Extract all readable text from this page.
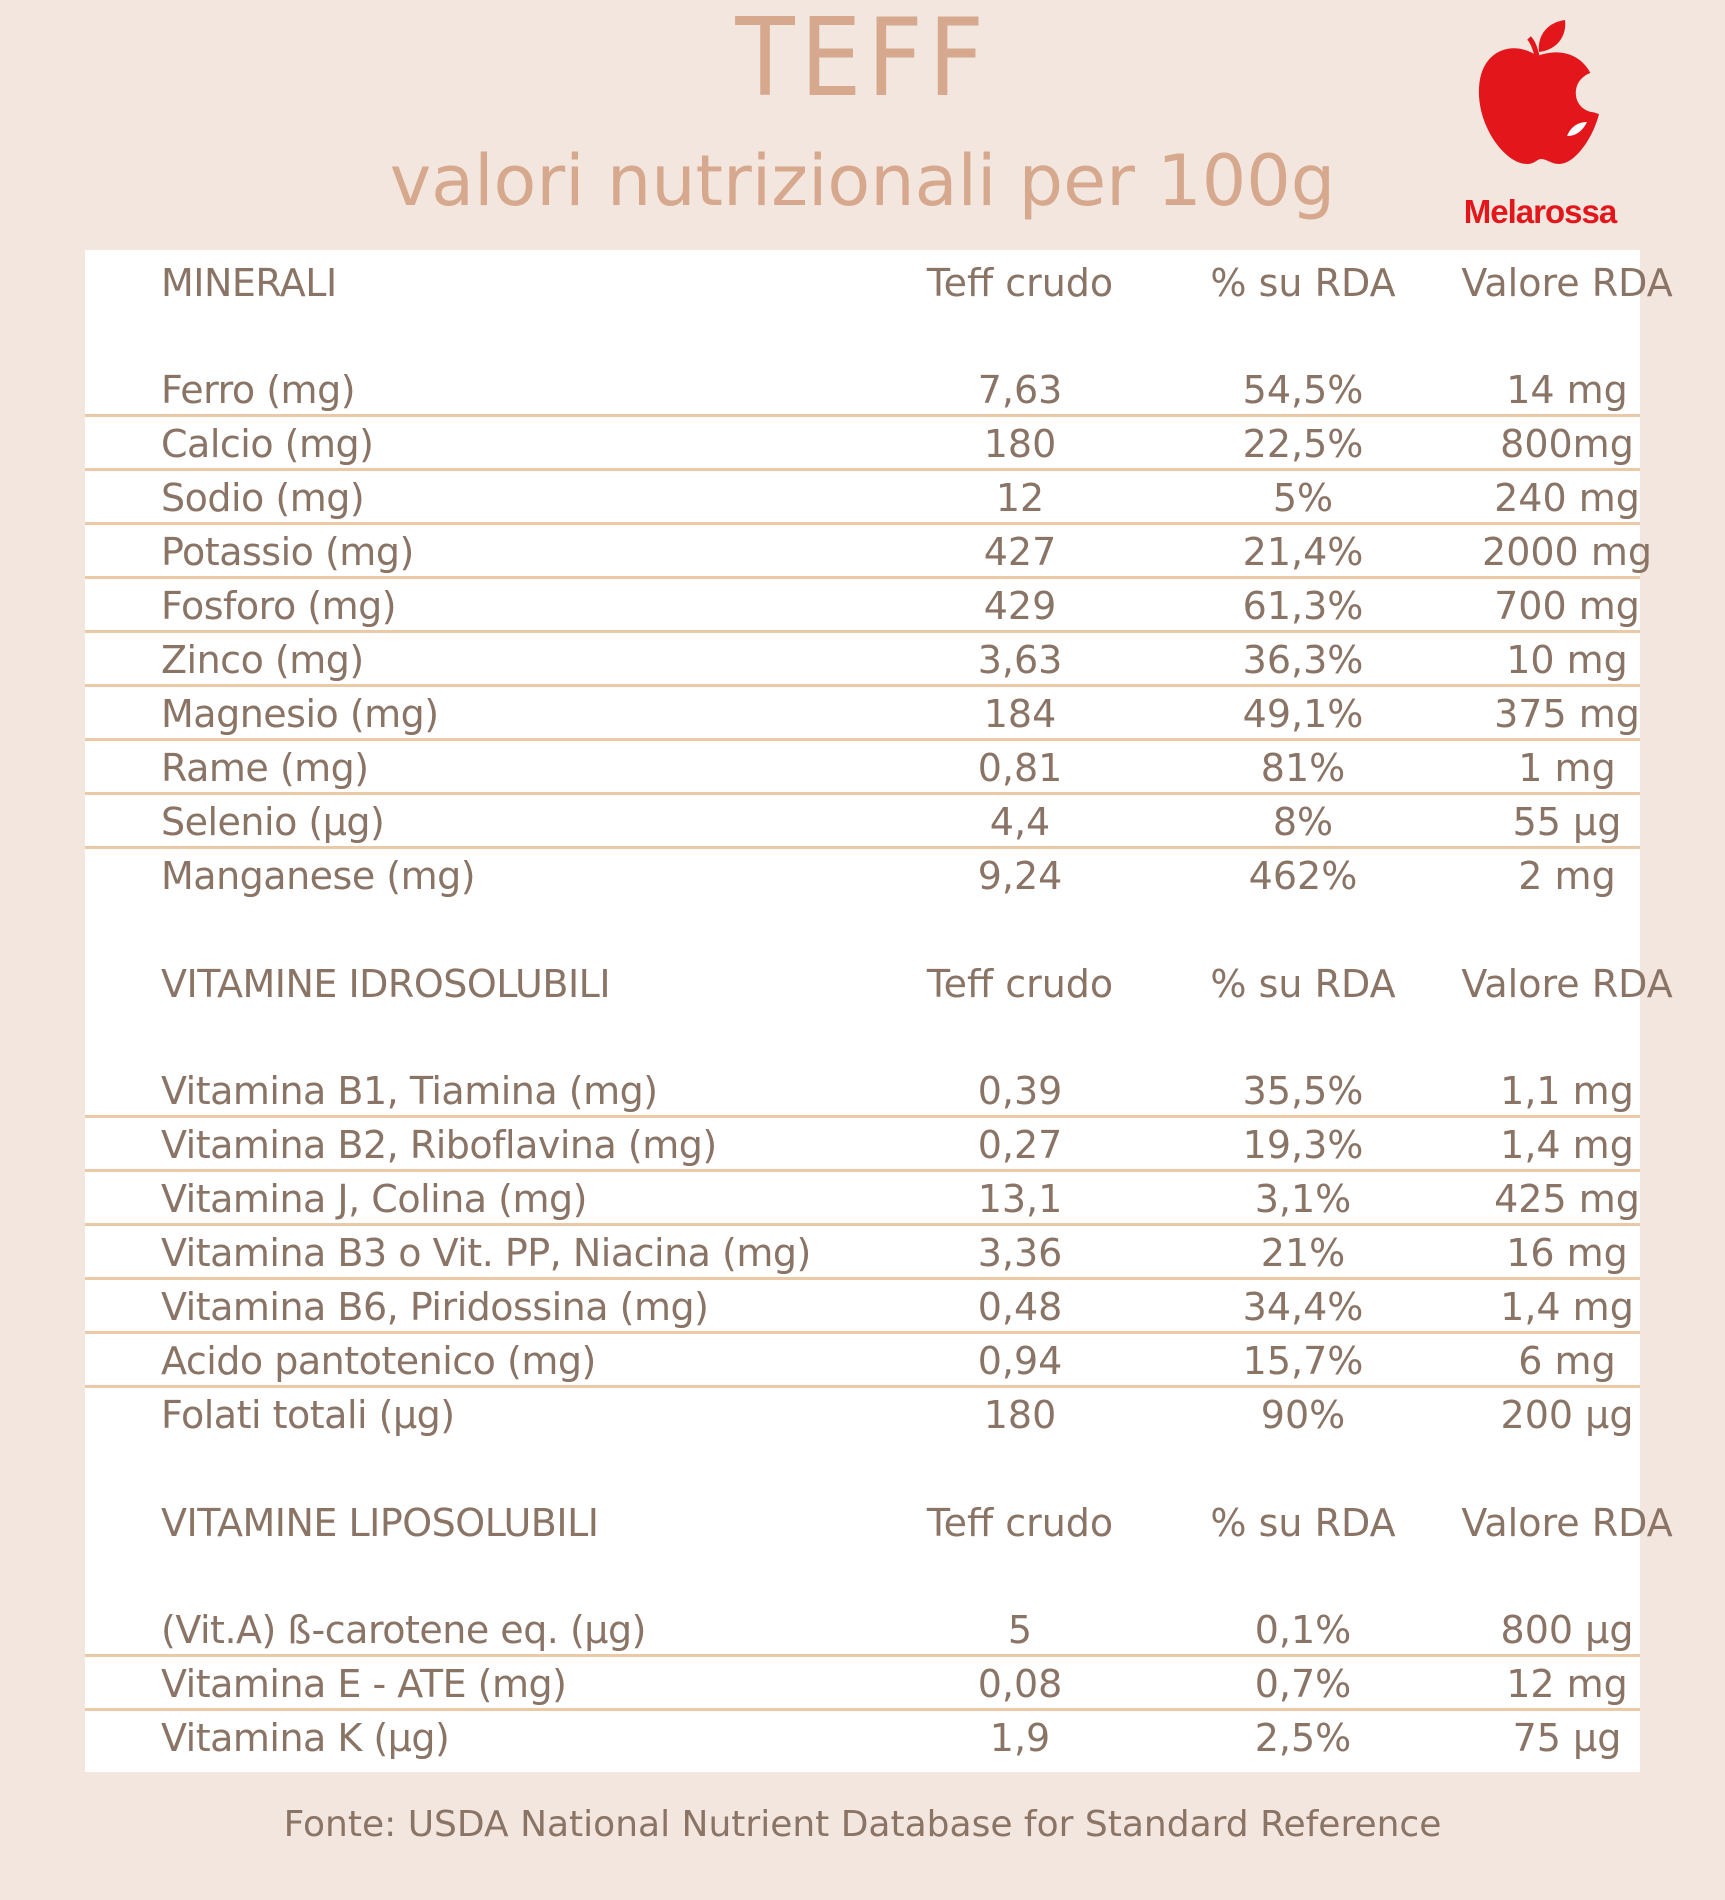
TEFF
valori nutrizionali per 100g	Melarossa
MINERALI	Teff crudo	% su RDA	Valore RDA
Ferro (mg)	7,63	54,5%	14 mg
Calcio (mg)	180	22,5%	800mg
Sodio (mg)	12	5%	240 mg
Potassio (mg)	427	21,4%	2000 mg
Fosforo (mg)	429	61,3%	700 mg
Zinco (mg)	3,63	36,3%	10 mg
Magnesio (mg)	184	49,1%	375 mg
Rame (mg)	0,81	81%	1 mg
Selenio (µg)	4,4	8%	55 µg
Manganese (mg)	9,24	462%	2 mg
VITAMINE IDROSOLUBILI	Teff crudo	% su RDA	Valore RDA
Vitamina B1, Tiamina (mg)	0,39	35,5%	1,1 mg
Vitamina B2, Riboflavina (mg)	0,27	19,3%	1,4 mg
Vitamina J, Colina (mg)	13,1	3,1%	425 mg
Vitamina B3 o Vit. PP, Niacina (mg)	3,36	21%	16 mg
Vitamina B6, Piridossina (mg)	0,48	34,4%	1,4 mg
Acido pantotenico (mg)	0,94	15,7%	6 mg
Folati totali (µg)	180	90%	200 µg
VITAMINE LIPOSOLUBILI	Teff crudo	% su RDA	Valore RDA
(Vit.A) ß-carotene eq. (µg)	5	0,1%	800 µg
Vitamina E - ATE (mg)	0,08	0,7%	12 mg
Vitamina K (µg)	1,9	2,5%	75 µg
Fonte: USDA National Nutrient Database for Standard Reference
